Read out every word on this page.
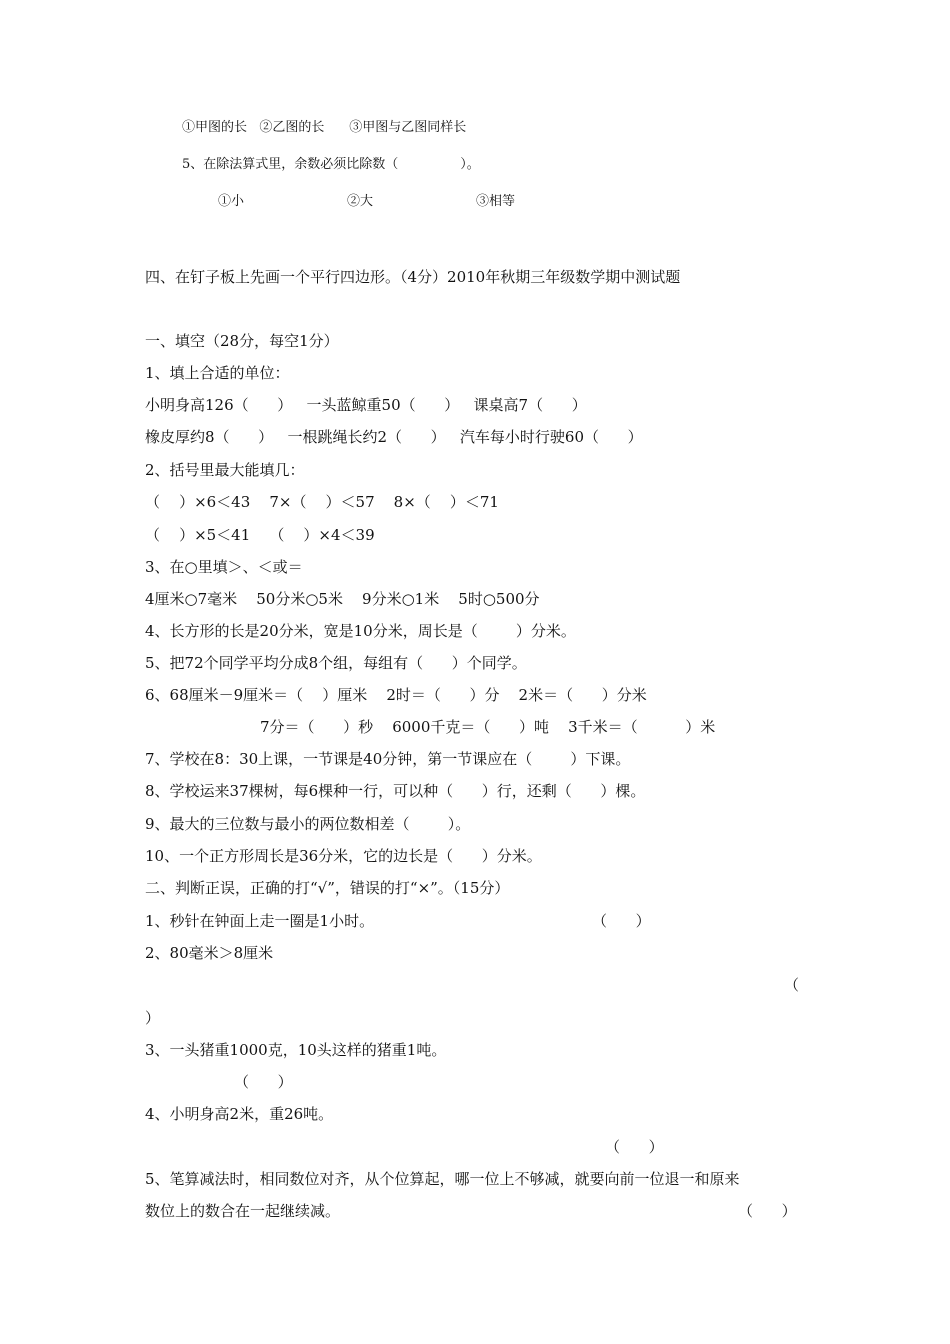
①甲图的长   ②乙图的长      ③甲图与乙图同样长
5、在除法算式里，余数必须比除数（               ）。
①小	②大	③相等
四、在钉子板上先画一个平行四边形。（4分）2010年秋期三年级数学期中测试题
一、填空（28分，每空1分）
1、填上合适的单位：
小明身高126（      ）   一头蓝鲸重50（      ）   课桌高7（      ）
橡皮厚约8（      ）   一根跳绳长约2（      ）   汽车每小时行驶60（      ）
2、括号里最大能填几：
（    ）×6＜43    7×（    ）＜57    8×（    ）＜71
（    ）×5＜41    （    ）×4＜39
3、在○里填＞、＜或＝
4厘米○7毫米    50分米○5米    9分米○1米    5时○500分
4、长方形的长是20分米，宽是10分米，周长是（        ）分米。
5、把72个同学平均分成8个组，每组有（      ）个同学。
6、68厘米－9厘米＝（    ）厘米    2时＝（      ）分    2米＝（      ）分米
7分＝（      ）秒    6000千克＝（      ）吨    3千米＝（          ）米
7、学校在8：30上课，一节课是40分钟，第一节课应在（        ）下课。
8、学校运来37棵树，每6棵种一行，可以种（      ）行，还剩（      ）棵。
9、最大的三位数与最小的两位数相差（        ）。
10、一个正方形周长是36分米，它的边长是（      ）分米。
二、判断正误，正确的打“√”，错误的打“×”。（15分）
1、秒针在钟面上走一圈是1小时。	（      ）
2、80毫米＞8厘米
（
）
3、一头猪重1000克，10头这样的猪重1吨。
（      ）
4、小明身高2米，重26吨。
（      ）
5、笔算减法时，相同数位对齐，从个位算起，哪一位上不够减，就要向前一位退一和原来
数位上的数合在一起继续减。	（      ）
